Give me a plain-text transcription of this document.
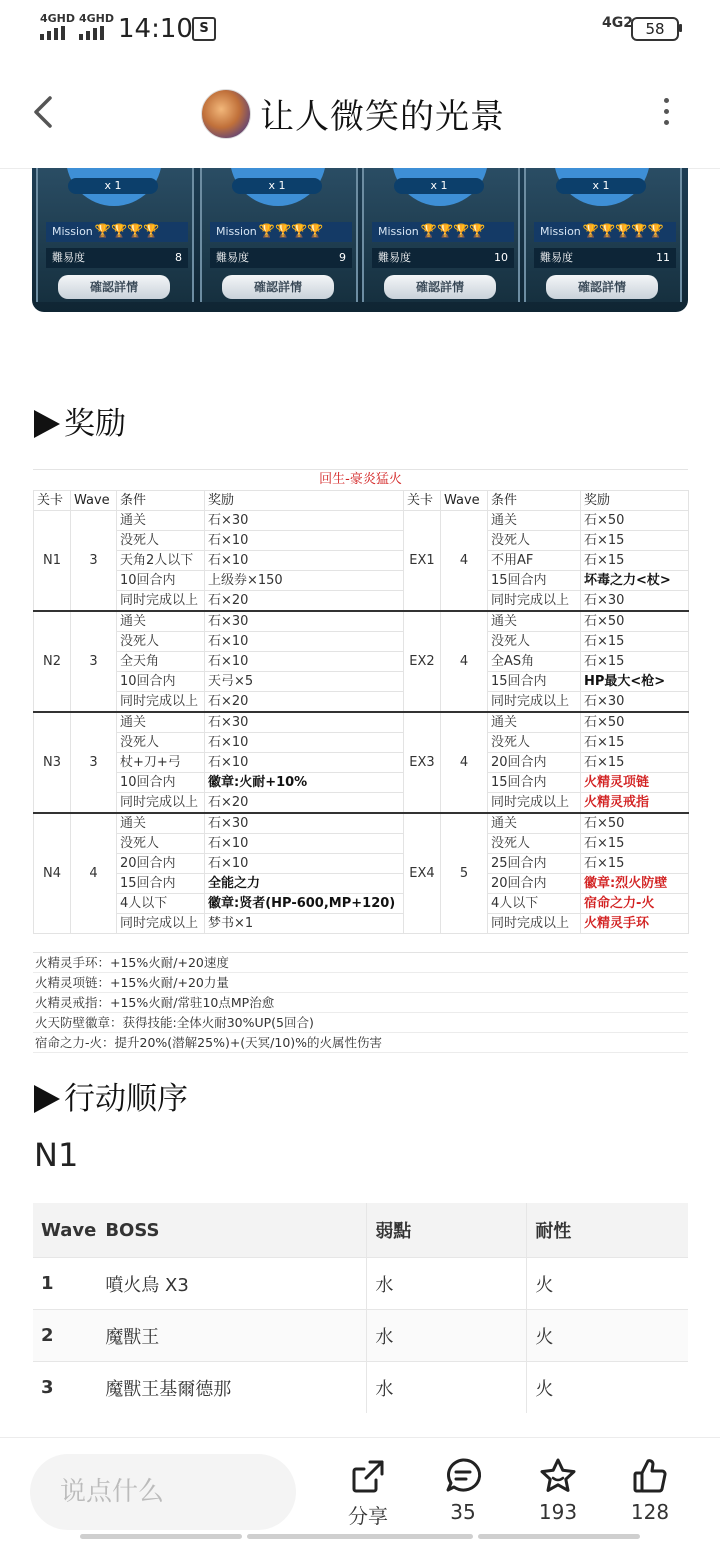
4GHD 4GHD 14:10 S	4G2 58
让人微笑的光景
x 1
Mission 🏆🏆🏆🏆
難易度	8
確認詳情
x 1
Mission 🏆🏆🏆🏆
難易度	9
確認詳情
x 1
Mission 🏆🏆🏆🏆
難易度	10
確認詳情
x 1
Mission 🏆🏆🏆🏆🏆
難易度	11
確認詳情
奖励
回生-豪炎猛火
关卡	Wave	条件	奖励	关卡	Wave	条件	奖励
N1	3	通关	石×30	EX1	4	通关	石×50
		没死人	石×10			没死人	石×15
		天角2人以下	石×10			不用AF	石×15
		10回合内	上级券×150			15回合内	坏毒之力<杖>
		同时完成以上	石×20			同时完成以上	石×30
N2	3	通关	石×30	EX2	4	通关	石×50
		没死人	石×10			没死人	石×15
		全天角	石×10			全AS角	石×15
		10回合内	天弓×5			15回合内	HP最大<枪>
		同时完成以上	石×20			同时完成以上	石×30
N3	3	通关	石×30	EX3	4	通关	石×50
		没死人	石×10			没死人	石×15
		杖+刀+弓	石×10			20回合内	石×15
		10回合内	徽章:火耐+10%			15回合内	火精灵项链
		同时完成以上	石×20			同时完成以上	火精灵戒指
N4	4	通关	石×30	EX4	5	通关	石×50
		没死人	石×10			没死人	石×15
		20回合内	石×10			25回合内	石×15
		15回合内	全能之力			20回合内	徽章:烈火防壁
		4人以下	徽章:贤者(HP-600,MP+120)			4人以下	宿命之力-火
		同时完成以上	梦书×1			同时完成以上	火精灵手环
火精灵手环：+15%火耐/+20速度
火精灵项链：+15%火耐/+20力量
火精灵戒指：+15%火耐/常驻10点MP治愈
火天防壁徽章：获得技能:全体火耐30%UP(5回合)
宿命之力-火：提升20%(潜解25%)+(天冥/10)%的火属性伤害
行动顺序
N1
Wave	BOSS	弱點	耐性
1	噴火鳥 X3	水	火
2	魔獸王	水	火
3	魔獸王基爾德那	水	火
说点什么
分享	35	193	128
